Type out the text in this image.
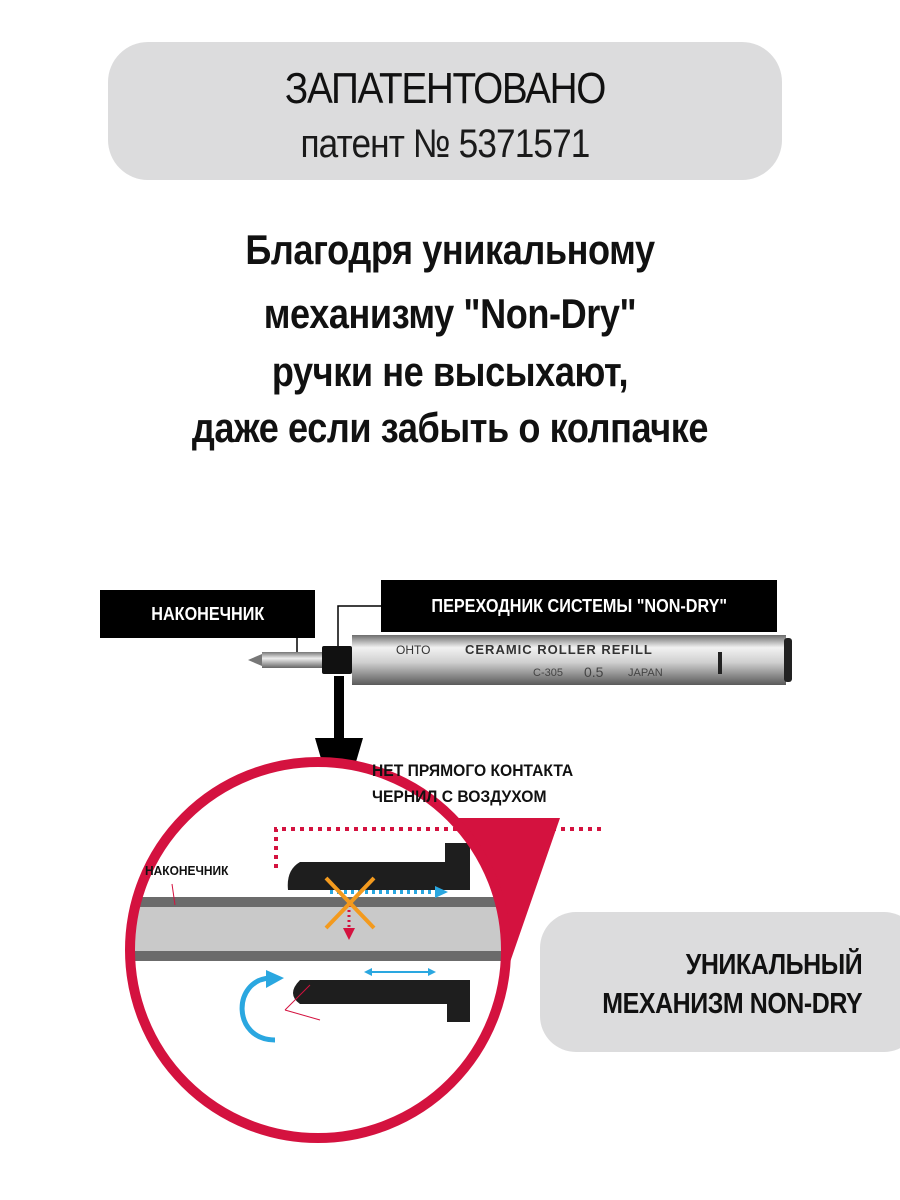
ЗАПАТЕНТОВАНО
патент № 5371571
Благодря уникальному
механизму "Non-Dry"
ручки не высыхают,
даже если забыть о колпачке
OHTO	CERAMIC ROLLER REFILL
C-305 0.5 JAPAN
НАКОНЕЧНИК	ПЕРЕХОДНИК СИСТЕМЫ "NON-DRY"
НЕТ ПРЯМОГО КОНТАКТА
ЧЕРНИЛ С ВОЗДУХОМ
НАКОНЕЧНИК
УНИКАЛЬНЫЙ
МЕХАНИЗМ NON-DRY
